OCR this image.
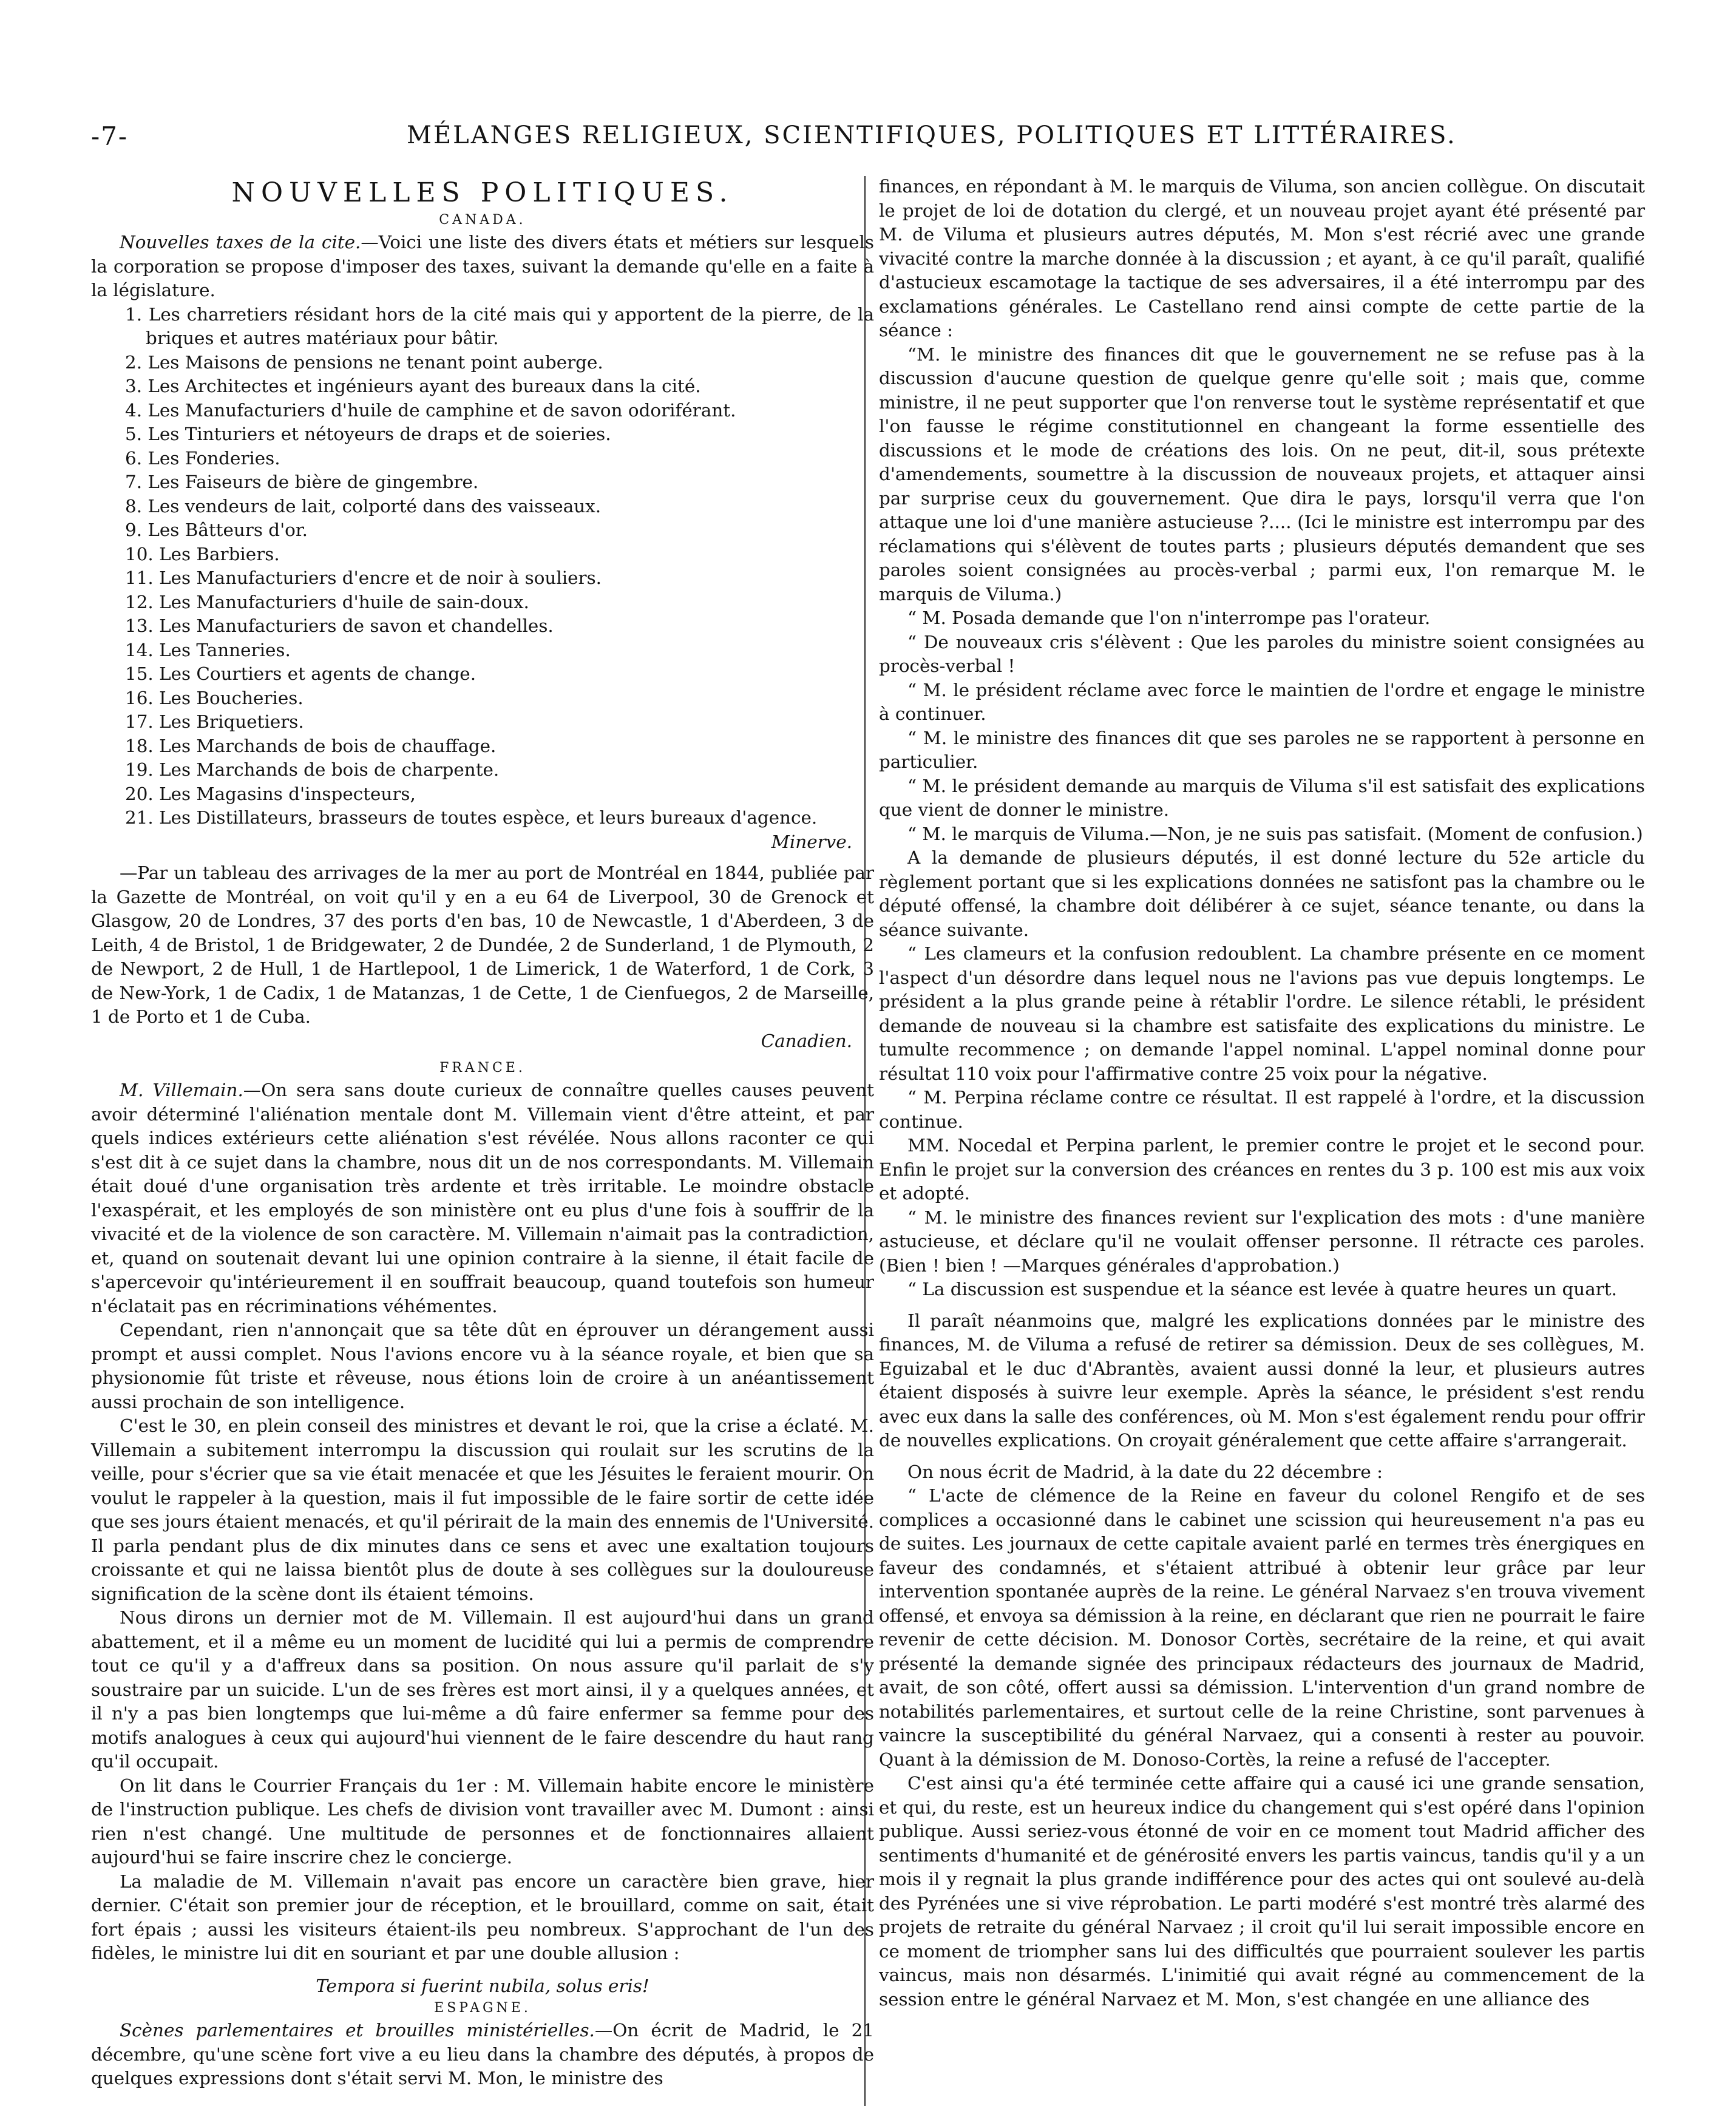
-7-	MÉLANGES RELIGIEUX, SCIENTIFIQUES, POLITIQUES ET LITTÉRAIRES.
NOUVELLES POLITIQUES.
CANADA.

Nouvelles taxes de la cite.—Voici une liste des divers états et métiers sur lesquels la corporation se propose d'imposer des taxes, suivant la demande qu'elle en a faite à la législature.

1. Les charretiers résidant hors de la cité mais qui y apportent de la pierre, de la briques et autres matériaux pour bâtir.
2. Les Maisons de pensions ne tenant point auberge.
3. Les Architectes et ingénieurs ayant des bureaux dans la cité.
4. Les Manufacturiers d'huile de camphine et de savon odoriférant.
5. Les Tinturiers et nétoyeurs de draps et de soieries.
6. Les Fonderies.
7. Les Faiseurs de bière de gingembre.
8. Les vendeurs de lait, colporté dans des vaisseaux.
9. Les Bâtteurs d'or.
10. Les Barbiers.
11. Les Manufacturiers d'encre et de noir à souliers.
12. Les Manufacturiers d'huile de sain-doux.
13. Les Manufacturiers de savon et chandelles.
14. Les Tanneries.
15. Les Courtiers et agents de change.
16. Les Boucheries.
17. Les Briquetiers.
18. Les Marchands de bois de chauffage.
19. Les Marchands de bois de charpente.
20. Les Magasins d'inspecteurs,
21. Les Distillateurs, brasseurs de toutes espèce, et leurs bureaux d'agence.
Minerve.

—Par un tableau des arrivages de la mer au port de Montréal en 1844, publiée par la Gazette de Montréal, on voit qu'il y en a eu 64 de Liverpool, 30 de Grenock et Glasgow, 20 de Londres, 37 des ports d'en bas, 10 de Newcastle, 1 d'Aberdeen, 3 de Leith, 4 de Bristol, 1 de Bridgewater, 2 de Dundée, 2 de Sunderland, 1 de Plymouth, 2 de Newport, 2 de Hull, 1 de Hartlepool, 1 de Limerick, 1 de Waterford, 1 de Cork, 3 de New-York, 1 de Cadix, 1 de Matanzas, 1 de Cette, 1 de Cienfuegos, 2 de Marseille, 1 de Porto et 1 de Cuba.

Canadien.
FRANCE.

M. Villemain.—On sera sans doute curieux de connaître quelles causes peuvent avoir déterminé l'aliénation mentale dont M. Villemain vient d'être atteint, et par quels indices extérieurs cette aliénation s'est révélée. Nous allons raconter ce qui s'est dit à ce sujet dans la chambre, nous dit un de nos correspondants. M. Villemain était doué d'une organisation très ardente et très irritable. Le moindre obstacle l'exaspérait, et les employés de son ministère ont eu plus d'une fois à souffrir de la vivacité et de la violence de son caractère. M. Villemain n'aimait pas la contradiction, et, quand on soutenait devant lui une opinion contraire à la sienne, il était facile de s'apercevoir qu'intérieurement il en souffrait beaucoup, quand toutefois son humeur n'éclatait pas en récriminations véhémentes.

Cependant, rien n'annonçait que sa tête dût en éprouver un dérangement aussi prompt et aussi complet. Nous l'avions encore vu à la séance royale, et bien que sa physionomie fût triste et rêveuse, nous étions loin de croire à un anéantissement aussi prochain de son intelligence.

C'est le 30, en plein conseil des ministres et devant le roi, que la crise a éclaté. M. Villemain a subitement interrompu la discussion qui roulait sur les scrutins de la veille, pour s'écrier que sa vie était menacée et que les Jésuites le feraient mourir. On voulut le rappeler à la question, mais il fut impossible de le faire sortir de cette idée que ses jours étaient menacés, et qu'il périrait de la main des ennemis de l'Université. Il parla pendant plus de dix minutes dans ce sens et avec une exaltation toujours croissante et qui ne laissa bientôt plus de doute à ses collègues sur la douloureuse signification de la scène dont ils étaient témoins.

Nous dirons un dernier mot de M. Villemain. Il est aujourd'hui dans un grand abattement, et il a même eu un moment de lucidité qui lui a permis de comprendre tout ce qu'il y a d'affreux dans sa position. On nous assure qu'il parlait de s'y soustraire par un suicide. L'un de ses frères est mort ainsi, il y a quelques années, et il n'y a pas bien longtemps que lui-même a dû faire enfermer sa femme pour des motifs analogues à ceux qui aujourd'hui viennent de le faire descendre du haut rang qu'il occupait.

On lit dans le Courrier Français du 1er : M. Villemain habite encore le ministère de l'instruction publique. Les chefs de division vont travailler avec M. Dumont : ainsi rien n'est changé. Une multitude de personnes et de fonctionnaires allaient aujourd'hui se faire inscrire chez le concierge.

La maladie de M. Villemain n'avait pas encore un caractère bien grave, hier dernier. C'était son premier jour de réception, et le brouillard, comme on sait, était fort épais ; aussi les visiteurs étaient-ils peu nombreux. S'approchant de l'un des fidèles, le ministre lui dit en souriant et par une double allusion :

Tempora si fuerint nubila, solus eris!
ESPAGNE.

Scènes parlementaires et brouilles ministérielles.—On écrit de Madrid, le 21 décembre, qu'une scène fort vive a eu lieu dans la chambre des députés, à propos de quelques expressions dont s'était servi M. Mon, le ministre des

finances, en répondant à M. le marquis de Viluma, son ancien collègue. On discutait le projet de loi de dotation du clergé, et un nouveau projet ayant été présenté par M. de Viluma et plusieurs autres députés, M. Mon s'est récrié avec une grande vivacité contre la marche donnée à la discussion ; et ayant, à ce qu'il paraît, qualifié d'astucieux escamotage la tactique de ses adversaires, il a été interrompu par des exclamations générales. Le Castellano rend ainsi compte de cette partie de la séance :

“M. le ministre des finances dit que le gouvernement ne se refuse pas à la discussion d'aucune question de quelque genre qu'elle soit ; mais que, comme ministre, il ne peut supporter que l'on renverse tout le système représentatif et que l'on fausse le régime constitutionnel en changeant la forme essentielle des discussions et le mode de créations des lois. On ne peut, dit-il, sous prétexte d'amendements, soumettre à la discussion de nouveaux projets, et attaquer ainsi par surprise ceux du gouvernement. Que dira le pays, lorsqu'il verra que l'on attaque une loi d'une manière astucieuse ?.... (Ici le ministre est interrompu par des réclamations qui s'élèvent de toutes parts ; plusieurs députés demandent que ses paroles soient consignées au procès-verbal ; parmi eux, l'on remarque M. le marquis de Viluma.)

“ M. Posada demande que l'on n'interrompe pas l'orateur.

“ De nouveaux cris s'élèvent : Que les paroles du ministre soient consignées au procès-verbal !

“ M. le président réclame avec force le maintien de l'ordre et engage le ministre à continuer.

“ M. le ministre des finances dit que ses paroles ne se rapportent à personne en particulier.

“ M. le président demande au marquis de Viluma s'il est satisfait des explications que vient de donner le ministre.

“ M. le marquis de Viluma.—Non, je ne suis pas satisfait. (Moment de confusion.)

A la demande de plusieurs députés, il est donné lecture du 52e article du règlement portant que si les explications données ne satisfont pas la chambre ou le député offensé, la chambre doit délibérer à ce sujet, séance tenante, ou dans la séance suivante.

“ Les clameurs et la confusion redoublent. La chambre présente en ce moment l'aspect d'un désordre dans lequel nous ne l'avions pas vue depuis longtemps. Le président a la plus grande peine à rétablir l'ordre. Le silence rétabli, le président demande de nouveau si la chambre est satisfaite des explications du ministre. Le tumulte recommence ; on demande l'appel nominal. L'appel nominal donne pour résultat 110 voix pour l'affirmative contre 25 voix pour la négative.

“ M. Perpina réclame contre ce résultat. Il est rappelé à l'ordre, et la discussion continue.

MM. Nocedal et Perpina parlent, le premier contre le projet et le second pour. Enfin le projet sur la conversion des créances en rentes du 3 p. 100 est mis aux voix et adopté.

“ M. le ministre des finances revient sur l'explication des mots : d'une manière astucieuse, et déclare qu'il ne voulait offenser personne. Il rétracte ces paroles. (Bien ! bien ! —Marques générales d'approbation.)

“ La discussion est suspendue et la séance est levée à quatre heures un quart.

Il paraît néanmoins que, malgré les explications données par le ministre des finances, M. de Viluma a refusé de retirer sa démission. Deux de ses collègues, M. Eguizabal et le duc d'Abrantès, avaient aussi donné la leur, et plusieurs autres étaient disposés à suivre leur exemple. Après la séance, le président s'est rendu avec eux dans la salle des conférences, où M. Mon s'est également rendu pour offrir de nouvelles explications. On croyait généralement que cette affaire s'arrangerait.

On nous écrit de Madrid, à la date du 22 décembre :

“ L'acte de clémence de la Reine en faveur du colonel Rengifo et de ses complices a occasionné dans le cabinet une scission qui heureusement n'a pas eu de suites. Les journaux de cette capitale avaient parlé en termes très énergiques en faveur des condamnés, et s'étaient attribué à obtenir leur grâce par leur intervention spontanée auprès de la reine. Le général Narvaez s'en trouva vivement offensé, et envoya sa démission à la reine, en déclarant que rien ne pourrait le faire revenir de cette décision. M. Donosor Cortès, secrétaire de la reine, et qui avait présenté la demande signée des principaux rédacteurs des journaux de Madrid, avait, de son côté, offert aussi sa démission. L'intervention d'un grand nombre de notabilités parlementaires, et surtout celle de la reine Christine, sont parvenues à vaincre la susceptibilité du général Narvaez, qui a consenti à rester au pouvoir. Quant à la démission de M. Donoso-Cortès, la reine a refusé de l'accepter.

C'est ainsi qu'a été terminée cette affaire qui a causé ici une grande sensation, et qui, du reste, est un heureux indice du changement qui s'est opéré dans l'opinion publique. Aussi seriez-vous étonné de voir en ce moment tout Madrid afficher des sentiments d'humanité et de générosité envers les partis vaincus, tandis qu'il y a un mois il y regnait la plus grande indifférence pour des actes qui ont soulevé au-delà des Pyrénées une si vive réprobation. Le parti modéré s'est montré très alarmé des projets de retraite du général Narvaez ; il croit qu'il lui serait impossible encore en ce moment de triompher sans lui des difficultés que pourraient soulever les partis vaincus, mais non désarmés. L'inimitié qui avait régné au commencement de la session entre le général Narvaez et M. Mon, s'est changée en une alliance des
